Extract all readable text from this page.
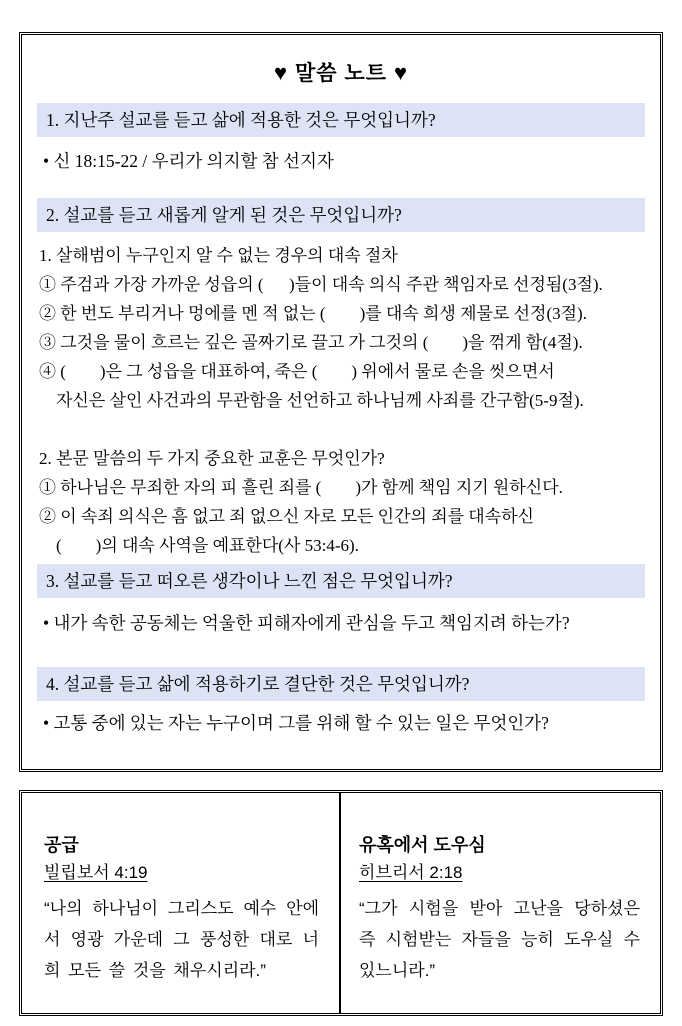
♥ 말씀 노트 ♥
1. 지난주 설교를 듣고 삶에 적용한 것은 무엇입니까?
• 신 18:15-22 / 우리가 의지할 참 선지자
2. 설교를 듣고 새롭게 알게 된 것은 무엇입니까?
1. 살해범이 누구인지 알 수 없는 경우의 대속 절차
① 주검과 가장 가까운 성읍의 (      )들이 대속 의식 주관 책임자로 선정됨(3절).
② 한 번도 부리거나 멍에를 멘 적 없는 (        )를 대속 희생 제물로 선정(3절).
③ 그것을 물이 흐르는 깊은 골짜기로 끌고 가 그것의 (        )을 꺾게 함(4절).
④ (        )은 그 성읍을 대표하여, 죽은 (        ) 위에서 물로 손을 씻으면서
자신은 살인 사건과의 무관함을 선언하고 하나님께 사죄를 간구함(5-9절).
2. 본문 말씀의 두 가지 중요한 교훈은 무엇인가?
① 하나님은 무죄한 자의 피 흘린 죄를 (        )가 함께 책임 지기 원하신다.
② 이 속죄 의식은 흠 없고 죄 없으신 자로 모든 인간의 죄를 대속하신
(        )의 대속 사역을 예표한다(사 53:4-6).
3. 설교를 듣고 떠오른 생각이나 느낀 점은 무엇입니까?
• 내가 속한 공동체는 억울한 피해자에게 관심을 두고 책임지려 하는가?
4. 설교를 듣고 삶에 적용하기로 결단한 것은 무엇입니까?
• 고통 중에 있는 자는 누구이며 그를 위해 할 수 있는 일은 무엇인가?
공급
빌립보서 4:19
“나의 하나님이 그리스도 예수 안에서 영광 가운데 그 풍성한 대로 너희 모든 쓸 것을 채우시리라.”
유혹에서 도우심
히브리서 2:18
“그가 시험을 받아 고난을 당하셨은즉 시험받는 자들을 능히 도우실 수 있느니라.”
